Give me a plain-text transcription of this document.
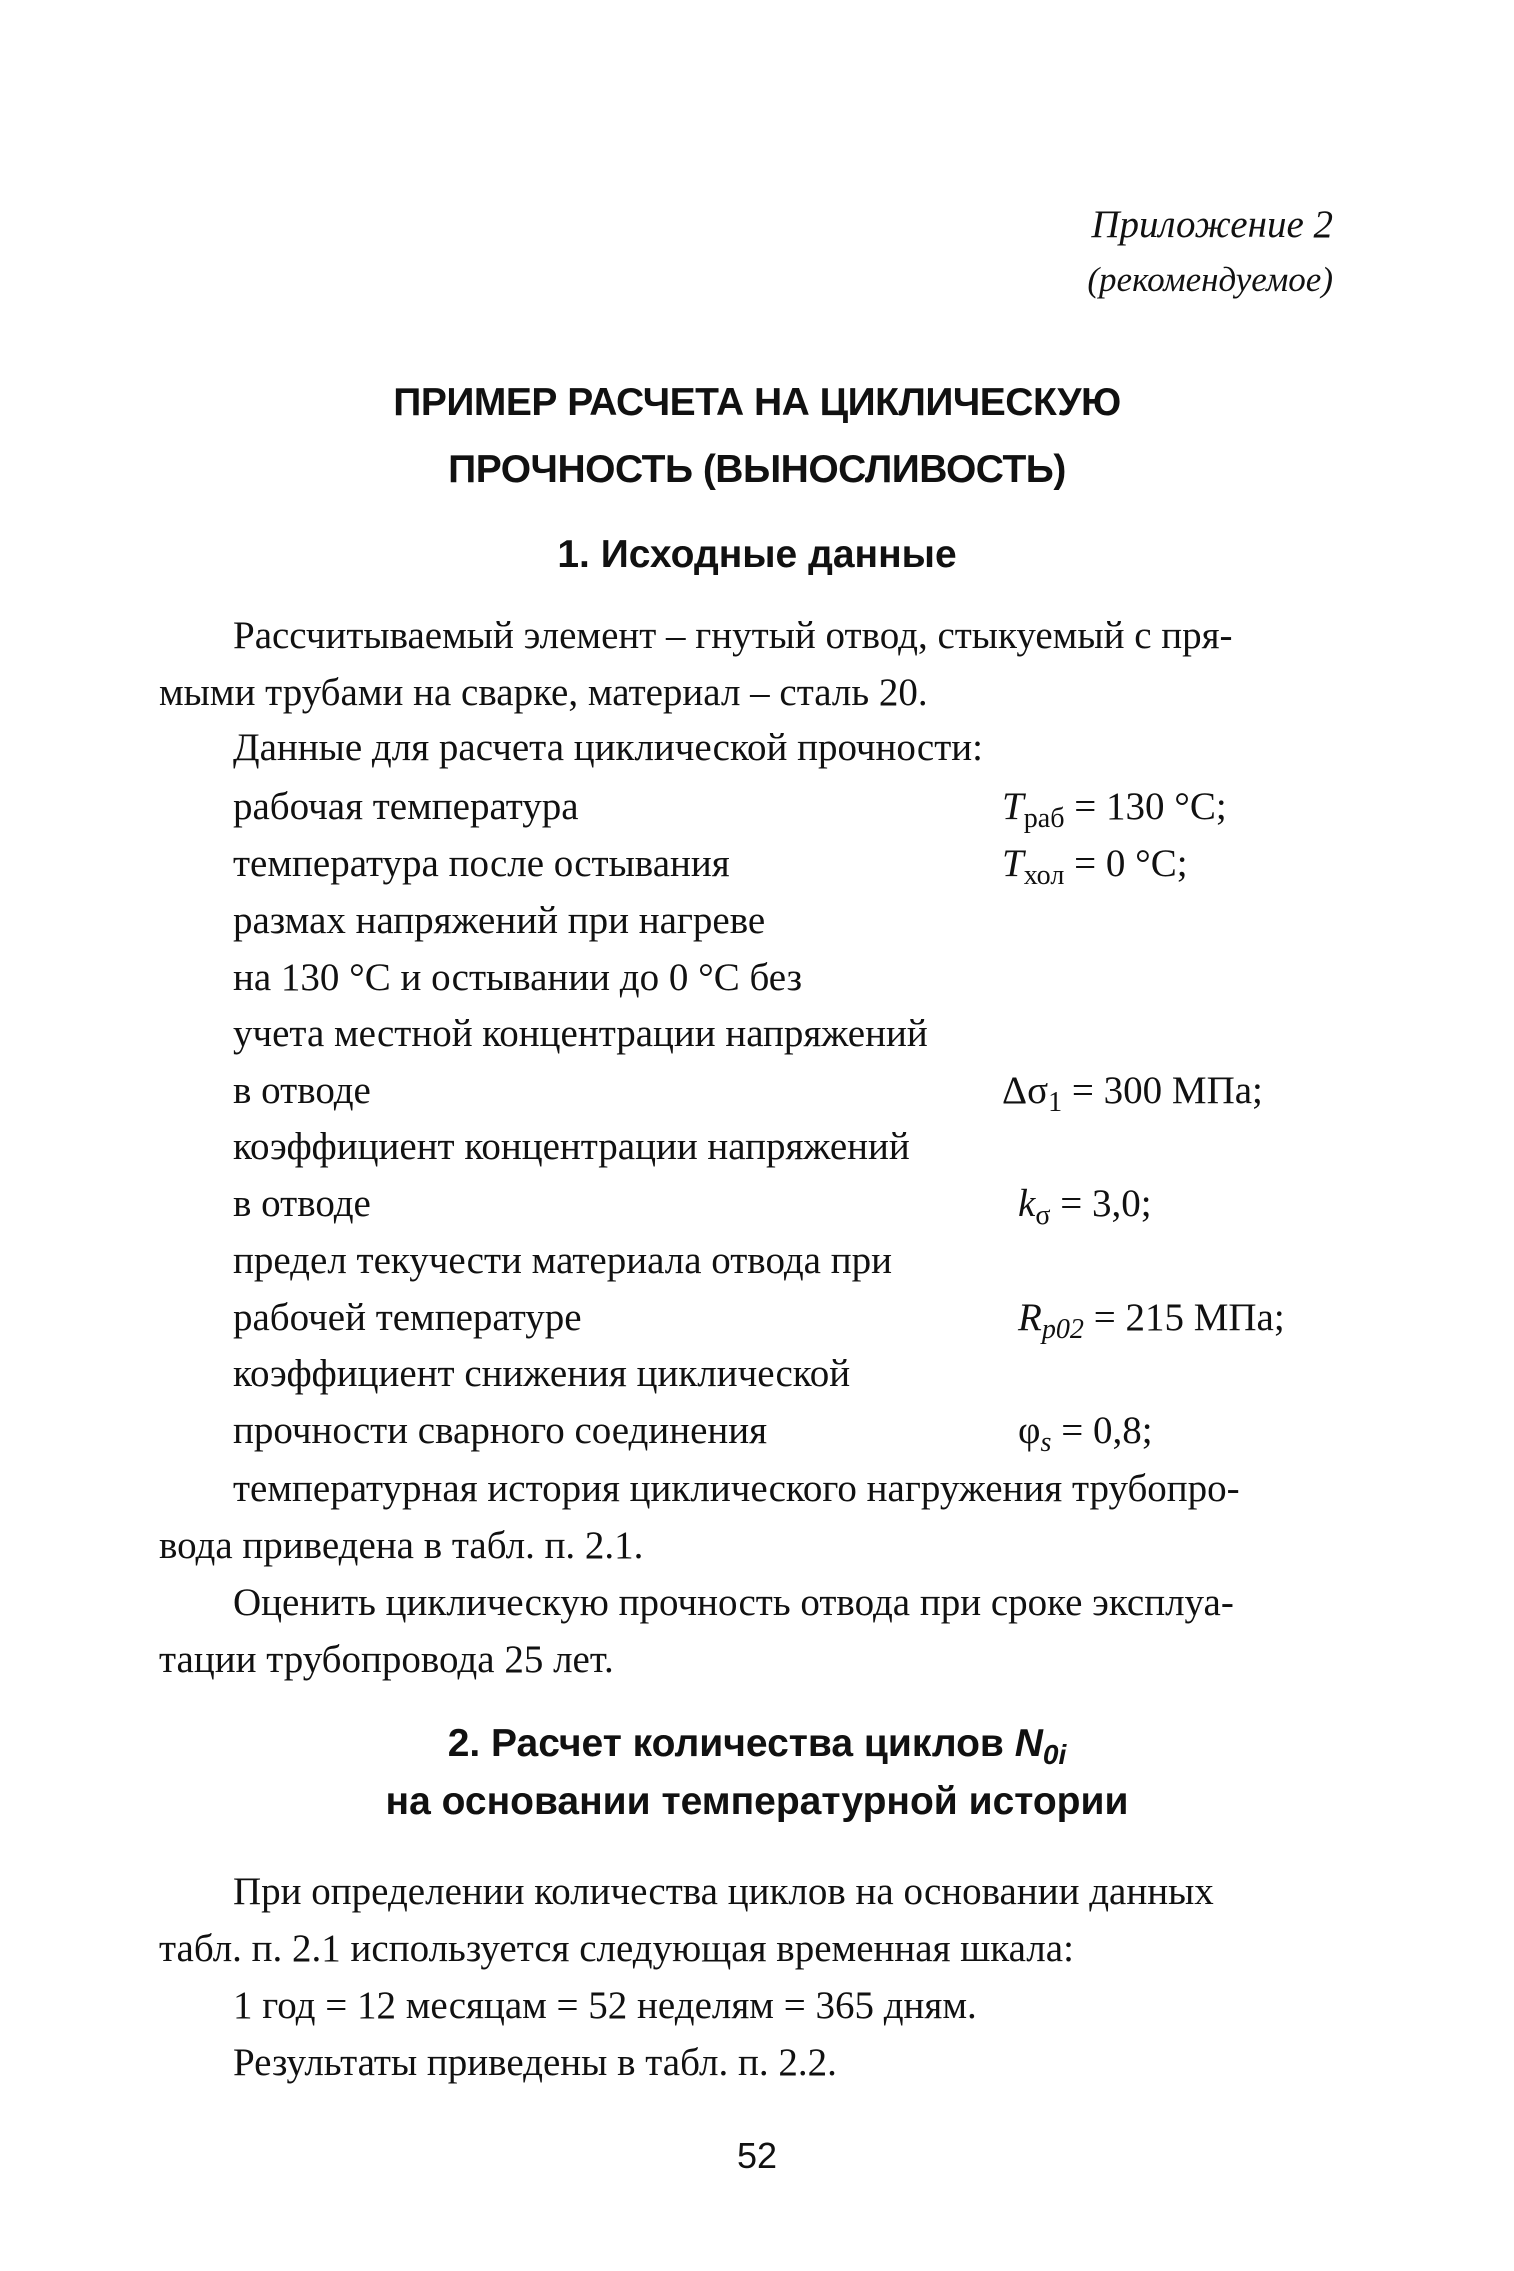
Приложение 2
(рекомендуемое)
ПРИМЕР РАСЧЕТА НА ЦИКЛИЧЕСКУЮ
ПРОЧНОСТЬ (ВЫНОСЛИВОСТЬ)
1. Исходные данные
Рассчитываемый элемент – гнутый отвод, стыкуемый с пря-
мыми трубами на сварке, материал – сталь 20.
Данные для расчета циклической прочности:
рабочая температура	$T_{раб} = 130$ °C;
температура после остывания	$T_{хол} = 0$ °C;
размах напряжений при нагреве
на 130 °C и остывании до 0 °C без
учета местной концентрации напряжений
в отводе	$\Delta\sigma_1 = 300$ МПа;
коэффициент концентрации напряжений
в отводе	$k_\sigma = 3,0$;
предел текучести материала отвода при
рабочей температуре	$R_{p02} = 215$ МПа;
коэффициент снижения циклической
прочности сварного соединения	$\varphi_s = 0,8$;
температурная история циклического нагружения трубопро-
вода приведена в табл. п. 2.1.
Оценить циклическую прочность отвода при сроке эксплуа-
тации трубопровода 25 лет.
2. Расчет количества циклов $N_{0i}$
на основании температурной истории
При определении количества циклов на основании данных
табл. п. 2.1 используется следующая временная шкала:
1 год = 12 месяцам = 52 неделям = 365 дням.
Результаты приведены в табл. п. 2.2.
52
